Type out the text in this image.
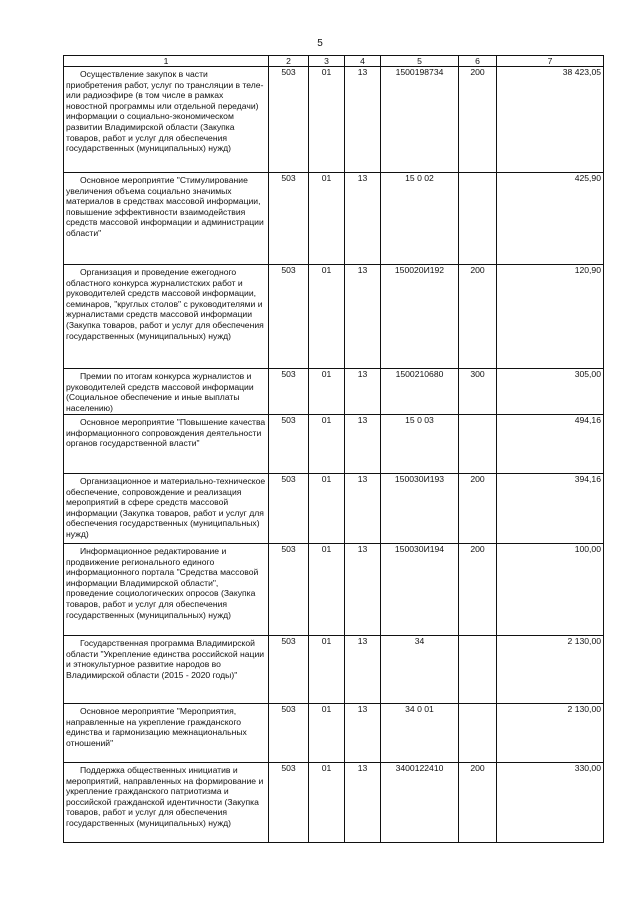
5
1	2	3	4	5	6	7

Осуществление закупок в части приобретения работ, услуг по трансляции в теле- или радиоэфире (в том числе в рамках новостной программы или отдельной передачи) информации о социально-экономическом развитии Владимирской области (Закупка товаров, работ и услуг для обеспечения государственных (муниципальных) нужд)	503	01	13	1500198734	200	38 423,05

Основное мероприятие "Стимулирование увеличения объема социально значимых материалов в средствах массовой информации, повышение эффективности взаимодействия средств массовой информации и администрации области"	503	01	13	15 0 02		425,90

Организация и проведение ежегодного областного конкурса журналистских работ и руководителей средств массовой информации, семинаров, "круглых столов" с руководителями и журналистами средств массовой информации (Закупка товаров, работ и услуг для обеспечения государственных (муниципальных) нужд)	503	01	13	150020И192	200	120,90

Премии по итогам конкурса журналистов и руководителей средств массовой информации (Социальное обеспечение и иные выплаты населению)	503	01	13	1500210680	300	305,00

Основное мероприятие "Повышение качества информационного сопровождения деятельности органов государственной власти"	503	01	13	15 0 03		494,16

Организационное и материально-техническое обеспечение, сопровождение и реализация мероприятий в сфере средств массовой информации (Закупка товаров, работ и услуг для обеспечения государственных (муниципальных) нужд)	503	01	13	150030И193	200	394,16

Информационное редактирование и продвижение регионального единого информационного портала "Средства массовой информации Владимирской области", проведение социологических опросов (Закупка товаров, работ и услуг для обеспечения государственных (муниципальных) нужд)	503	01	13	150030И194	200	100,00

Государственная программа Владимирской области "Укрепление единства российской нации и этнокультурное развитие народов во Владимирской области (2015 - 2020 годы)"	503	01	13	34		2 130,00

Основное мероприятие "Мероприятия, направленные на укрепление гражданского единства и гармонизацию межнациональных отношений"	503	01	13	34 0 01		2 130,00

Поддержка общественных инициатив и мероприятий, направленных на формирование и укрепление гражданского патриотизма и российской гражданской идентичности (Закупка товаров, работ и услуг для обеспечения государственных (муниципальных) нужд)	503	01	13	3400122410	200	330,00
